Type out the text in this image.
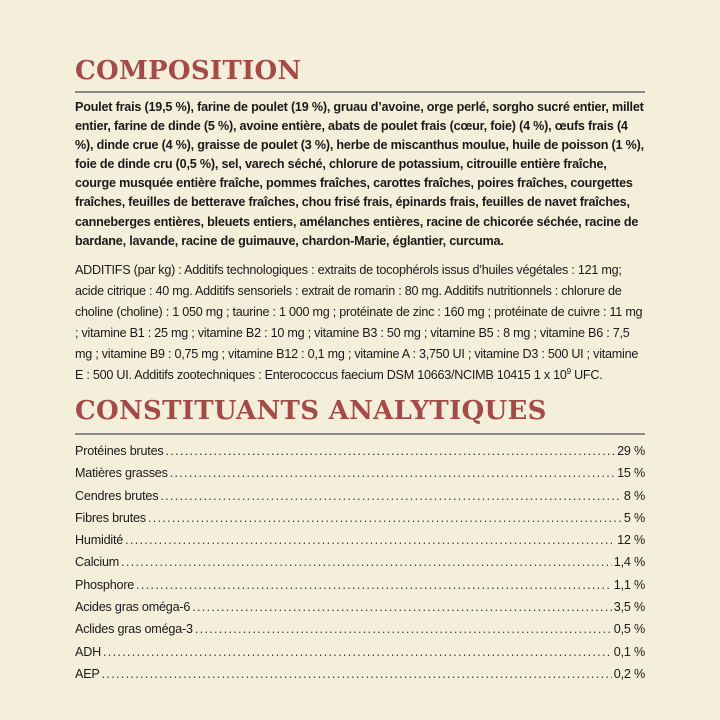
COMPOSITION
Poulet frais (19,5 %), farine de poulet (19 %), gruau d’avoine, orge perlé, sorgho sucré entier, millet entier, farine de dinde (5 %), avoine entière, abats de poulet frais (cœur, foie) (4 %), œufs frais (4 %), dinde crue (4 %), graisse de poulet (3 %), herbe de miscanthus moulue, huile de poisson (1 %), foie de dinde cru (0,5 %), sel, varech séché, chlorure de potassium, citrouille entière fraîche, courge musquée entière fraîche, pommes fraîches, carottes fraîches, poires fraîches, courgettes fraîches, feuilles de betterave fraîches, chou frisé frais, épinards frais, feuilles de navet fraîches, canneberges entières, bleuets entiers, amélanches entières, racine de chicorée séchée, racine de bardane, lavande, racine de guimauve, chardon-Marie, églantier, curcuma.
ADDITIFS (par kg) : Additifs technologiques : extraits de tocophérols issus d’huiles végétales : 121 mg; acide citrique : 40 mg. Additifs sensoriels : extrait de romarin : 80 mg. Additifs nutritionnels : chlorure de choline (choline) : 1 050 mg ; taurine : 1 000 mg ; protéinate de zinc : 160 mg ; protéinate de cuivre : 11 mg ; vitamine B1 : 25 mg ; vitamine B2 : 10 mg ; vitamine B3 : 50 mg ; vitamine B5 : 8 mg ; vitamine B6 : 7,5 mg ; vitamine B9 : 0,75 mg ; vitamine B12 : 0,1 mg ; vitamine A : 3,750 UI ; vitamine D3 : 500 UI ; vitamine E : 500 UI. Additifs zootechniques : Enterococcus faecium DSM 10663/NCIMB 10415 1 x $10^9$ UFC.
CONSTITUANTS ANALYTIQUES
Protéines brutes . . .	29 %
Matières grasses . . .	15 %
Cendres brutes . . .	8 %
Fibres brutes . . .	5 %
Humidité . . .	12 %
Calcium . . .	1,4 %
Phosphore . . .	1,1 %
Acides gras oméga-6 . . .	3,5 %
Aclides gras oméga-3 . . .	0,5 %
ADH . . .	0,1 %
AEP . . .	0,2 %
